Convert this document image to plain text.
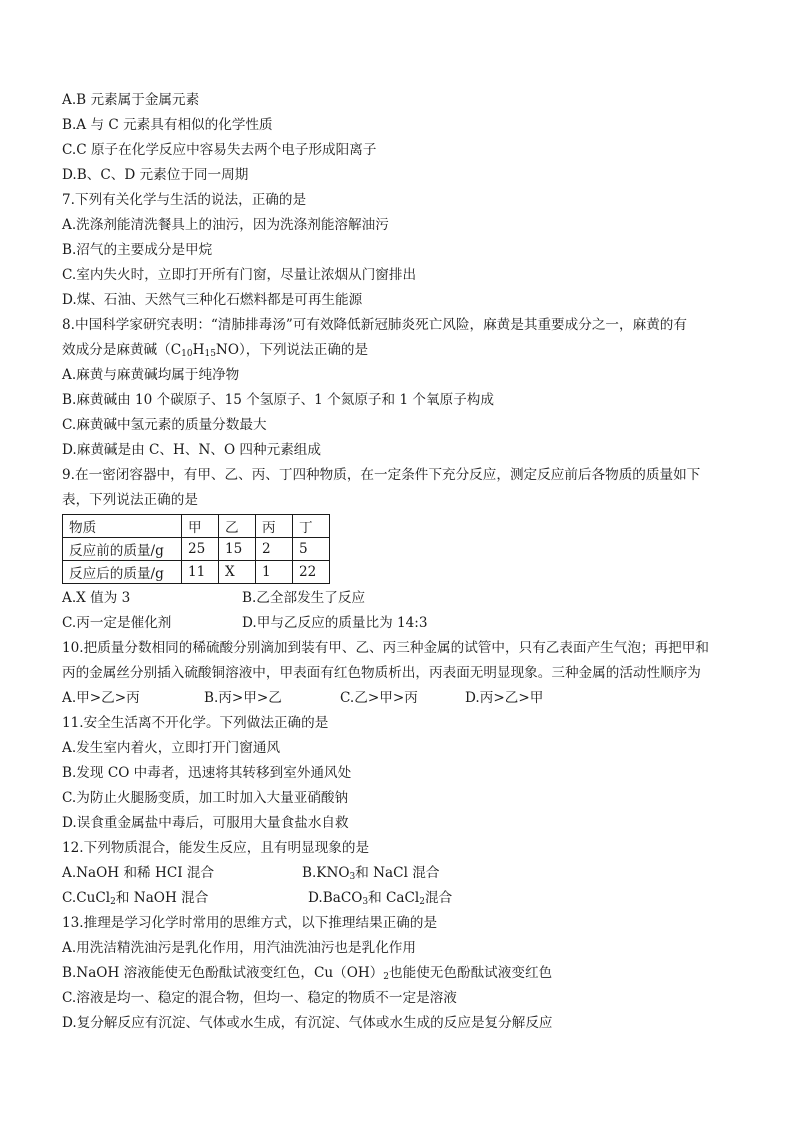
A.B 元素属于金属元素
B.A 与 C 元素具有相似的化学性质
C.C 原子在化学反应中容易失去两个电子形成阳离子
D.B、C、D 元素位于同一周期
7.下列有关化学与生活的说法，正确的是
A.洗涤剂能清洗餐具上的油污，因为洗涤剂能溶解油污
B.沼气的主要成分是甲烷
C.室内失火时，立即打开所有门窗，尽量让浓烟从门窗排出
D.煤、石油、天然气三种化石燃料都是可再生能源
8.中国科学家研究表明：“清肺排毒汤”可有效降低新冠肺炎死亡风险，麻黄是其重要成分之一，麻黄的有
效成分是麻黄碱$(C_{10}H_{15}NO)$，下列说法正确的是
A.麻黄与麻黄碱均属于纯净物
B.麻黄碱由 10 个碳原子、15 个氢原子、1 个氮原子和 1 个氧原子构成
C.麻黄碱中氢元素的质量分数最大
D.麻黄碱是由 C、H、N、O 四种元素组成
9.在一密闭容器中，有甲、乙、丙、丁四种物质，在一定条件下充分反应，测定反应前后各物质的质量如下
表，下列说法正确的是
物质	甲	乙	丙	丁
反应前的质量/g	25	15	2	5
反应后的质量/g	11	X	1	22
A.X 值为 3	B.乙全部发生了反应
C.丙一定是催化剂	D.甲与乙反应的质量比为 14:3
10.把质量分数相同的稀硫酸分别滴加到装有甲、乙、丙三种金属的试管中，只有乙表面产生气泡；再把甲和
丙的金属丝分别插入硫酸铜溶液中，甲表面有红色物质析出，丙表面无明显现象。三种金属的活动性顺序为
A.甲>乙>丙	B.丙>甲>乙	C.乙>甲>丙	D.丙>乙>甲
11.安全生活离不开化学。下列做法正确的是
A.发生室内着火，立即打开门窗通风
B.发现 CO 中毒者，迅速将其转移到室外通风处
C.为防止火腿肠变质，加工时加入大量亚硝酸钠
D.误食重金属盐中毒后，可服用大量食盐水自救
12.下列物质混合，能发生反应，且有明显现象的是
A.NaOH 和稀 HCI 混合	$B.KNO_3$和 NaCl 混合
C.CuCl$_2$和 NaOH 混合	D.BaCO$_3$和 CaCl$_2$混合
13.推理是学习化学时常用的思维方式，以下推理结果正确的是
A.用洗洁精洗油污是乳化作用，用汽油洗油污也是乳化作用
B.NaOH 溶液能使无色酚酞试液变红色，$Cu(OH)_2$也能使无色酚酞试液变红色
C.溶液是均一、稳定的混合物，但均一、稳定的物质不一定是溶液
D.复分解反应有沉淀、气体或水生成，有沉淀、气体或水生成的反应是复分解反应
